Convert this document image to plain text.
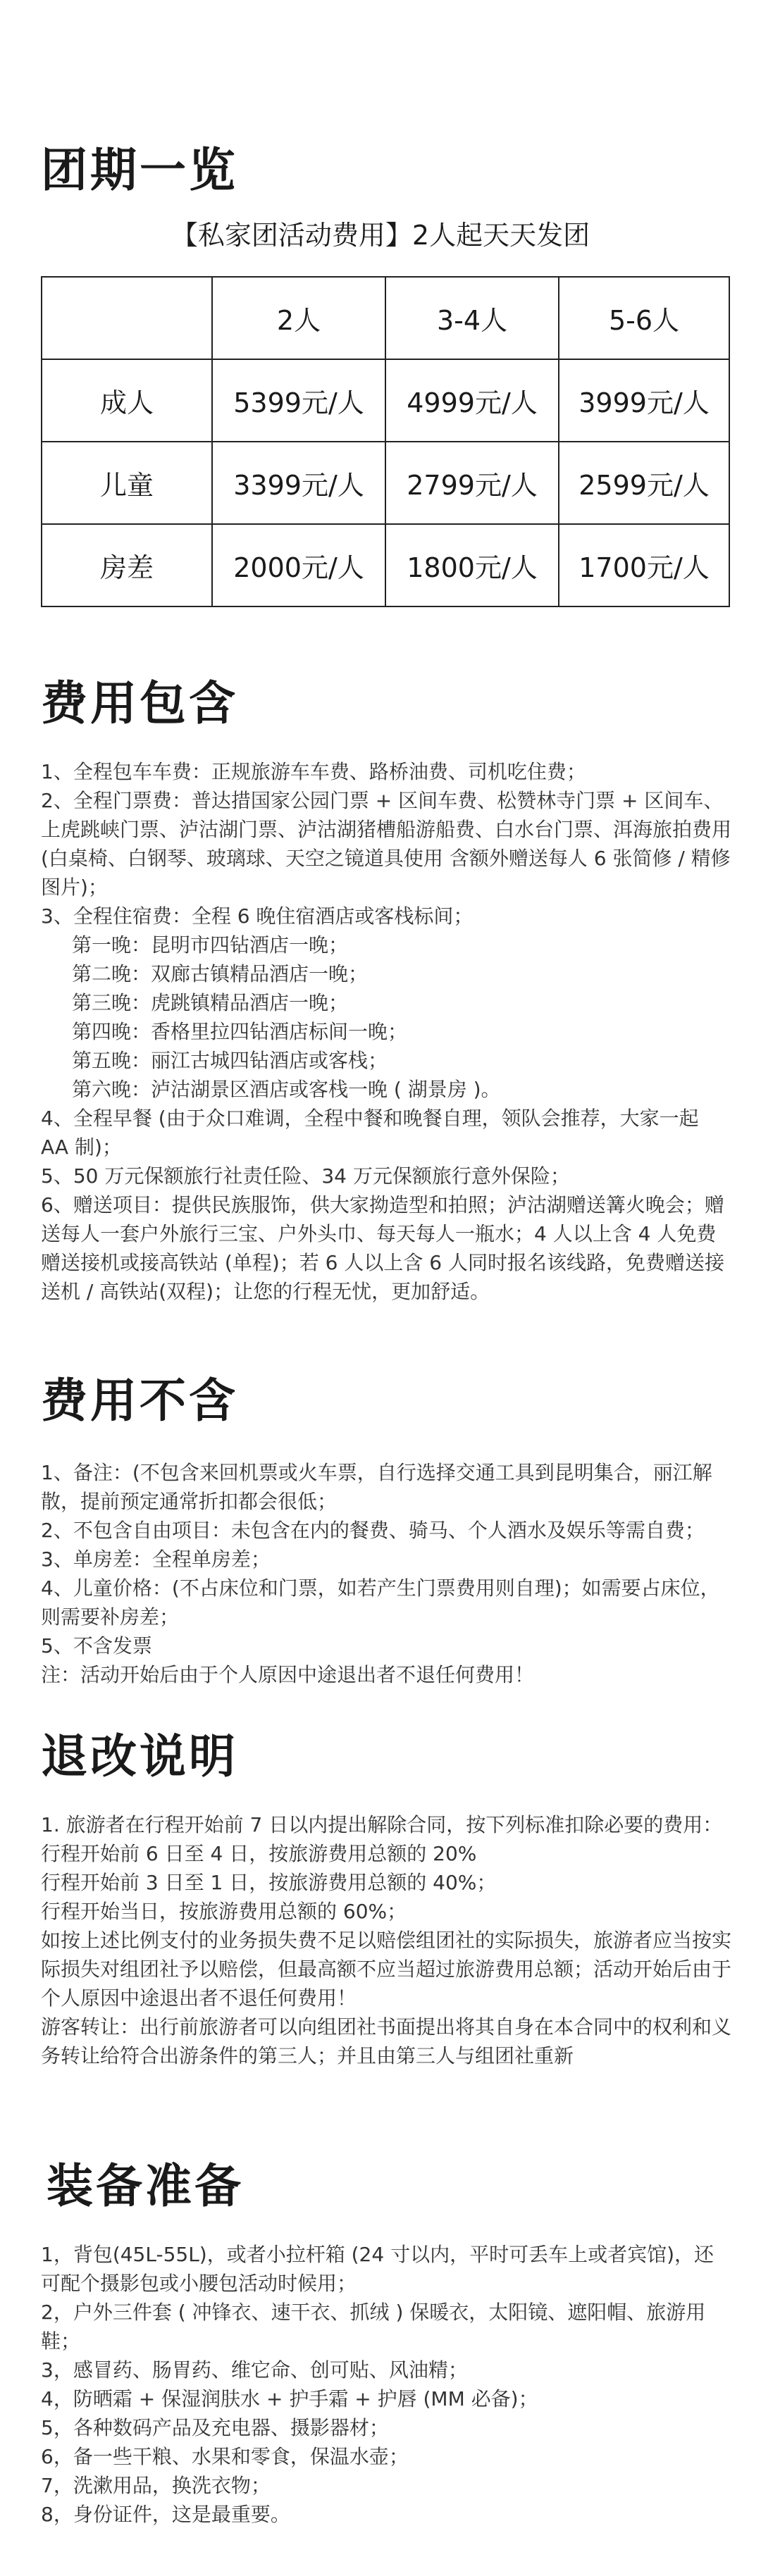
团期一览
【私家团活动费用】2人起天天发团
	2人	3-4人	5-6人
成人	5399元/人	4999元/人	3999元/人
儿童	3399元/人	2799元/人	2599元/人
房差	2000元/人	1800元/人	1700元/人
费用包含

1、全程包车车费：正规旅游车车费、路桥油费、司机吃住费；

2、全程门票费：普达措国家公园门票 + 区间车费、松赞林寺门票 + 区间车、上虎跳峡门票、泸沽湖门票、泸沽湖猪槽船游船费、白水台门票、洱海旅拍费用(白桌椅、白钢琴、玻璃球、天空之镜道具使用 含额外赠送每人 6 张简修 / 精修图片)；

3、全程住宿费：全程 6 晚住宿酒店或客栈标间；

第一晚：昆明市四钻酒店一晚；

第二晚：双廊古镇精品酒店一晚；

第三晚：虎跳镇精品酒店一晚；

第四晚：香格里拉四钻酒店标间一晚；

第五晚：丽江古城四钻酒店或客栈；

第六晚：泸沽湖景区酒店或客栈一晚 ( 湖景房 )。

4、全程早餐 (由于众口难调，全程中餐和晚餐自理，领队会推荐，大家一起 AA 制)；

5、50 万元保额旅行社责任险、34 万元保额旅行意外保险；

6、赠送项目：提供民族服饰，供大家拗造型和拍照；泸沽湖赠送篝火晚会；赠送每人一套户外旅行三宝、户外头巾、每天每人一瓶水；4 人以上含 4 人免费赠送接机或接高铁站 (单程)；若 6 人以上含 6 人同时报名该线路，免费赠送接送机 / 高铁站(双程)；让您的行程无忧，更加舒适。

费用不含

1、备注：(不包含来回机票或火车票，自行选择交通工具到昆明集合，丽江解散，提前预定通常折扣都会很低；

2、不包含自由项目：未包含在内的餐费、骑马、个人酒水及娱乐等需自费；

3、单房差：全程单房差；

4、儿童价格：(不占床位和门票，如若产生门票费用则自理)；如需要占床位，则需要补房差；

5、不含发票

注：活动开始后由于个人原因中途退出者不退任何费用！

退改说明

1. 旅游者在行程开始前 7 日以内提出解除合同，按下列标准扣除必要的费用：

行程开始前 6 日至 4 日，按旅游费用总额的 20%

行程开始前 3 日至 1 日，按旅游费用总额的 40%；

行程开始当日，按旅游费用总额的 60%；

如按上述比例支付的业务损失费不足以赔偿组团社的实际损失，旅游者应当按实际损失对组团社予以赔偿，但最高额不应当超过旅游费用总额；活动开始后由于个人原因中途退出者不退任何费用！

游客转让：出行前旅游者可以向组团社书面提出将其自身在本合同中的权利和义务转让给符合出游条件的第三人；并且由第三人与组团社重新

装备准备

1，背包(45L-55L)，或者小拉杆箱 (24 寸以内，平时可丢车上或者宾馆)，还可配个摄影包或小腰包活动时候用；

2，户外三件套 ( 冲锋衣、速干衣、抓绒 ) 保暖衣，太阳镜、遮阳帽、旅游用鞋；

3，感冒药、肠胃药、维它命、创可贴、风油精；

4，防晒霜 + 保湿润肤水 + 护手霜 + 护唇 (MM 必备)；

5，各种数码产品及充电器、摄影器材；

6，备一些干粮、水果和零食，保温水壶；

7，洗漱用品，换洗衣物；

8，身份证件，这是最重要。
